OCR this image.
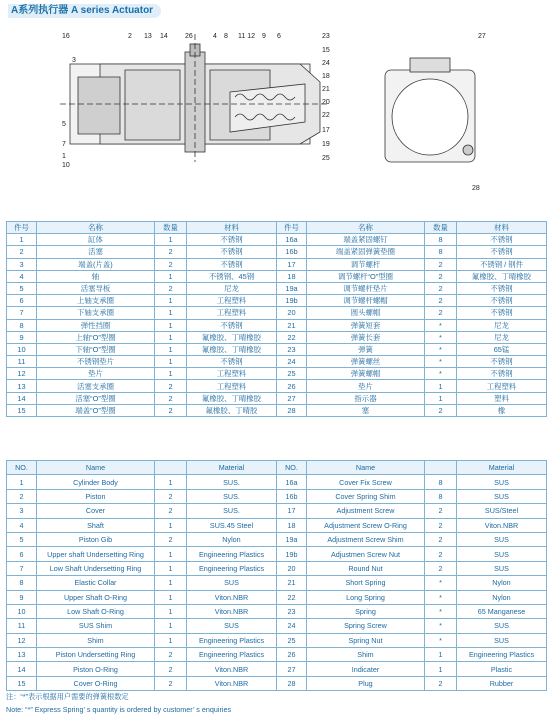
A系列执行器 A series Actuator
16
3
2 13 14 26	4 8 11 12 9 6	23
15
24
18
21
20
22
17
19
25
5
7
1
10
27
28
件号	名称	数量	材料	件号	名称	数量	材料
1	缸体	1	不锈钢	16a	端盖紧固螺钉	8	不锈钢
2	活塞	2	不锈钢	16b	端盖紧固弹簧垫圈	8	不锈钢
3	端盖(片盖)	2	不锈钢	17	调节螺杆	2	不锈钢 / 钢件
4	轴	1	不锈钢、45钢	18	调节螺杆“O”型圈	2	氟橡胶、丁晴橡胶
5	活塞导板	2	尼龙	19a	调节螺杆垫片	2	不锈钢
6	上轴支承圈	1	工程塑料	19b	调节螺杆螺帽	2	不锈钢
7	下轴支承圈	1	工程塑料	20	圆头螺帽	2	不锈钢
8	弹性挡圈	1	不锈钢	21	弹簧短套	*	尼龙
9	上轴“O”型圈	1	氟橡胶、丁晴橡胶	22	弹簧长套	*	尼龙
10	下轴“O”型圈	1	氟橡胶、丁晴橡胶	23	弹簧	*	65锰
11	不锈钢垫片	1	不锈钢	24	弹簧螺丝	*	不锈钢
12	垫片	1	工程塑料	25	弹簧螺帽	*	不锈钢
13	活塞支承圈	2	工程塑料	26	垫片	1	工程塑料
14	活塞“O”型圈	2	氟橡胶、丁晴橡胶	27	指示器	1	塑料
15	端盖“O”型圈	2	氟橡胶、丁晴胶	28	塞	2	橡
NO.	Name		Material	NO.	Name		Material
1	Cylinder Body	1	SUS.	16a	Cover Fix Screw	8	SUS
2	Piston	2	SUS.	16b	Cover Spring Shim	8	SUS
3	Cover	2	SUS.	17	Adjustment Screw	2	SUS/Steel
4	Shaft	1	SUS.45 Steel	18	Adjustment Screw O-Ring	2	Viton.NBR
5	Piston Gib	2	Nylon	19a	Adjustment Screw Shim	2	SUS
6	Upper shaft Undersetting Ring	1	Engineering Plastics	19b	Adjustmen Screw Nut	2	SUS
7	Low Shaft Undersetting Ring	1	Engineering Plastics	20	Round Nut	2	SUS
8	Elastic Collar	1	SUS	21	Short Spring	*	Nylon
9	Upper Shaft O-Ring	1	Viton.NBR	22	Long Spring	*	Nylon
10	Low Shaft O-Ring	1	Viton.NBR	23	Spring	*	65 Manganese
11	SUS Shim	1	SUS	24	Spring Screw	*	SUS
12	Shim	1	Engineering Plastics	25	Spring Nut	*	SUS
13	Piston Undersetting Ring	2	Engineering Plastics	26	Shim	1	Engineering Plastics
14	Piston O-Ring	2	Viton.NBR	27	Indicater	1	Plastic
15	Cover O-Ring	2	Viton.NBR	28	Plug	2	Rubber
注：“*”表示根据用户需要的弹簧根数定
Note: “*” Express Spring’ s quantity is ordered by customer’ s enquiries
